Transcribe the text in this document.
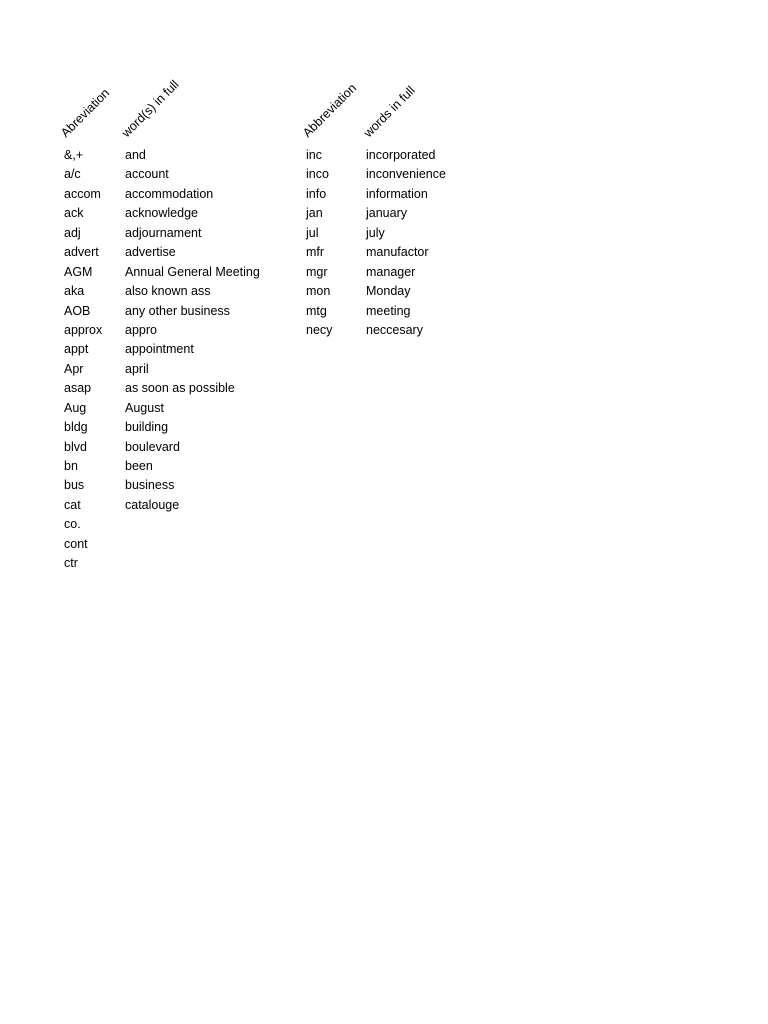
Abreviation word(s) in full	Abbreviation words in full
&,+
a/c
accom
ack
adj
advert
AGM
aka
AOB
approx
appt
Apr
asap
Aug
bldg
blvd
bn
bus
cat
co.
cont
ctr
and
account
accommodation
acknowledge
adjournament
advertise
Annual General Meeting
also known ass
any other business
appro
appointment
april
as soon as possible
August
building
boulevard
been
business
catalouge
inc
inco
info
jan
jul
mfr
mgr
mon
mtg
necy
incorporated
inconvenience
information
january
july
manufactor
manager
Monday
meeting
neccesary
